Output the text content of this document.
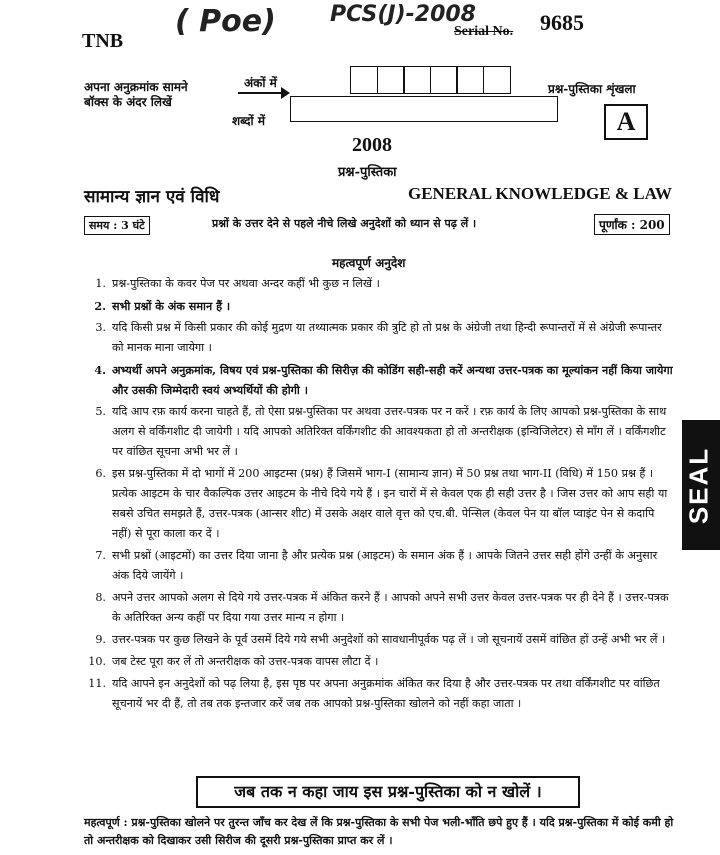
TNB
( Poe) PCS(J)-2008
Serial No. 9685
अपना अनुक्रमांक सामने बॉक्स के अंदर लिखें
अंकों में
शब्दों में
प्रश्न-पुस्तिका शृंखला
A
2008
प्रश्न-पुस्तिका
सामान्य ज्ञान एवं विधि	GENERAL KNOWLEDGE & LAW
समय : 3 घंटे	प्रश्नों के उत्तर देने से पहले नीचे लिखे अनुदेशों को ध्यान से पढ़ लें ।	पूर्णांक : 200
महत्वपूर्ण अनुदेश
1. प्रश्न-पुस्तिका के कवर पेज पर अथवा अन्दर कहीं भी कुछ न लिखें ।
2. सभी प्रश्नों के अंक समान हैं ।
3. यदि किसी प्रश्न में किसी प्रकार की कोई मुद्रण या तथ्यात्मक प्रकार की त्रुटि हो तो प्रश्न के अंग्रेजी तथा हिन्दी रूपान्तरों में से अंग्रेजी रूपान्तर को मानक माना जायेगा ।
4. अभ्यर्थी अपने अनुक्रमांक, विषय एवं प्रश्न-पुस्तिका की सिरीज़ की कोडिंग सही-सही करें अन्यथा उत्तर-पत्रक का मूल्यांकन नहीं किया जायेगा और उसकी जिम्मेदारी स्वयं अभ्यर्थियों की होगी ।
5. यदि आप रफ़ कार्य करना चाहते हैं, तो ऐसा प्रश्न-पुस्तिका पर अथवा उत्तर-पत्रक पर न करें । रफ़ कार्य के लिए आपको प्रश्न-पुस्तिका के साथ अलग से वर्किंगशीट दी जायेगी । यदि आपको अतिरिक्त वर्किंगशीट की आवश्यकता हो तो अन्तरीक्षक (इन्विजिलेटर) से माँग लें । वर्किंगशीट पर वांछित सूचना अभी भर लें ।
6. इस प्रश्न-पुस्तिका में दो भागों में 200 आइटम्स (प्रश्न) हैं जिसमें भाग-I (सामान्य ज्ञान) में 50 प्रश्न तथा भाग-II (विधि) में 150 प्रश्न हैं । प्रत्येक आइटम के चार वैकल्पिक उत्तर आइटम के नीचे दिये गये हैं । इन चारों में से केवल एक ही सही उत्तर है । जिस उत्तर को आप सही या सबसे उचित समझते हैं, उत्तर-पत्रक (आन्सर शीट) में उसके अक्षर वाले वृत्त को एच.बी. पेन्सिल (केवल पेन या बॉल प्वाइंट पेन से कदापि नहीं) से पूरा काला कर दें ।
7. सभी प्रश्नों (आइटमों) का उत्तर दिया जाना है और प्रत्येक प्रश्न (आइटम) के समान अंक हैं । आपके जितने उत्तर सही होंगे उन्हीं के अनुसार अंक दिये जायेंगे ।
8. अपने उत्तर आपको अलग से दिये गये उत्तर-पत्रक में अंकित करने हैं । आपको अपने सभी उत्तर केवल उत्तर-पत्रक पर ही देने हैं । उत्तर-पत्रक के अतिरिक्त अन्य कहीं पर दिया गया उत्तर मान्य न होगा ।
9. उत्तर-पत्रक पर कुछ लिखने के पूर्व उसमें दिये गये सभी अनुदेशों को सावधानीपूर्वक पढ़ लें । जो सूचनायें उसमें वांछित हों उन्हें अभी भर लें ।
10. जब टेस्ट पूरा कर लें तो अन्तरीक्षक को उत्तर-पत्रक वापस लौटा दें ।
11. यदि आपने इन अनुदेशों को पढ़ लिया है, इस पृष्ठ पर अपना अनुक्रमांक अंकित कर दिया है और उत्तर-पत्रक पर तथा वर्किंगशीट पर वांछित सूचनायें भर दी हैं, तो तब तक इन्तजार करें जब तक आपको प्रश्न-पुस्तिका खोलने को नहीं कहा जाता ।
SEAL
जब तक न कहा जाय इस प्रश्न-पुस्तिका को न खोलें ।
महत्वपूर्ण : प्रश्न-पुस्तिका खोलने पर तुरन्त जाँच कर देख लें कि प्रश्न-पुस्तिका के सभी पेज भली-भाँति छपे हुए हैं । यदि प्रश्न-पुस्तिका में कोई कमी हो तो अन्तरीक्षक को दिखाकर उसी सिरीज की दूसरी प्रश्न-पुस्तिका प्राप्त कर लें ।
